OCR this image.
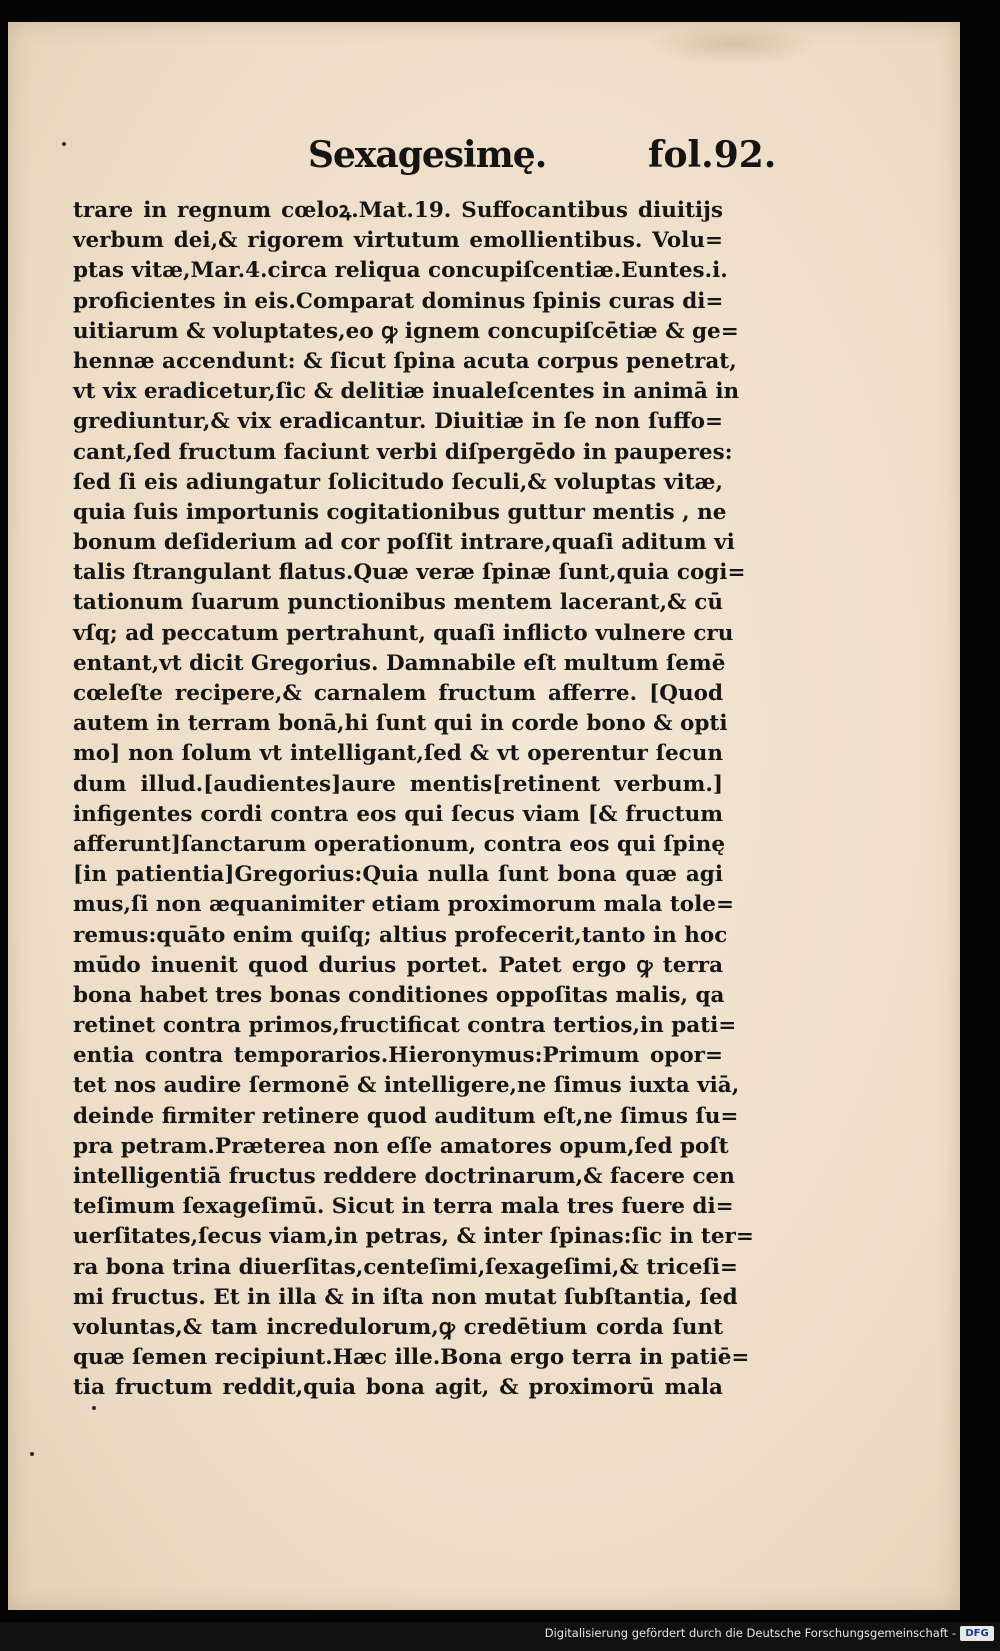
Sexagesimę.	fol.92.
trare in regnum cœloꝝ.Mat.19. Suffocantibus diuitijs
verbum dei,& rigorem virtutum emollientibus. Volu=
ptas vitæ,Mar.4.circa reliqua concupiſcentiæ.Euntes.i.
proficientes in eis.Comparat dominus ſpinis curas di=
uitiarum & voluptates,eo ꝙ ignem concupiſcētiæ & ge=
hennæ accendunt: & ſicut ſpina acuta corpus penetrat,
vt vix eradicetur,ſic & delitiæ inualeſcentes in animā in
grediuntur,& vix eradicantur. Diuitiæ in ſe non ſuffo=
cant,ſed fructum faciunt verbi diſpergēdo in pauperes:
ſed ſi eis adiungatur ſolicitudo ſeculi,& voluptas vitæ,
quia ſuis importunis cogitationibus guttur mentis , ne
bonum deſiderium ad cor poſſit intrare,quaſi aditum vi
talis ſtrangulant flatus.Quæ veræ ſpinæ ſunt,quia cogi=
tationum ſuarum punctionibus mentem lacerant,& cū
vſq; ad peccatum pertrahunt, quaſi inflicto vulnere cru
entant,vt dicit Gregorius. Damnabile eſt multum ſemē
cœleſte recipere,& carnalem fructum afferre. [Quod
autem in terram bonā,hi ſunt qui in corde bono & opti
mo] non ſolum vt intelligant,ſed & vt operentur ſecun
dum illud.[audientes]aure mentis[retinent verbum.]
infigentes cordi contra eos qui ſecus viam [& fructum
afferunt]ſanctarum operationum, contra eos qui ſpinę
[in patientia]Gregorius:Quia nulla ſunt bona quæ agi
mus,ſi non æquanimiter etiam proximorum mala tole=
remus:quāto enim quiſq; altius profecerit,tanto in hoc
mūdo inuenit quod durius portet. Patet ergo ꝙ terra
bona habet tres bonas conditiones oppoſitas malis, qa
retinet contra primos,fructificat contra tertios,in pati=
entia contra temporarios.Hieronymus:Primum opor=
tet nos audire ſermonē & intelligere,ne ſimus iuxta viā,
deinde firmiter retinere quod auditum eſt,ne ſimus ſu=
pra petram.Præterea non eſſe amatores opum,ſed poſt
intelligentiā fructus reddere doctrinarum,& facere cen
teſimum ſexageſimū. Sicut in terra mala tres fuere di=
uerſitates,ſecus viam,in petras, & inter ſpinas:ſic in ter=
ra bona trina diuerſitas,centeſimi,ſexageſimi,& triceſi=
mi fructus. Et in illa & in iſta non mutat ſubſtantia, ſed
voluntas,& tam incredulorum,ꝙ credētium corda ſunt
quæ ſemen recipiunt.Hæc ille.Bona ergo terra in patiē=
tia fructum reddit,quia bona agit, & proximorū mala
Digitalisierung gefördert durch die Deutsche Forschungsgemeinschaft - DFG
